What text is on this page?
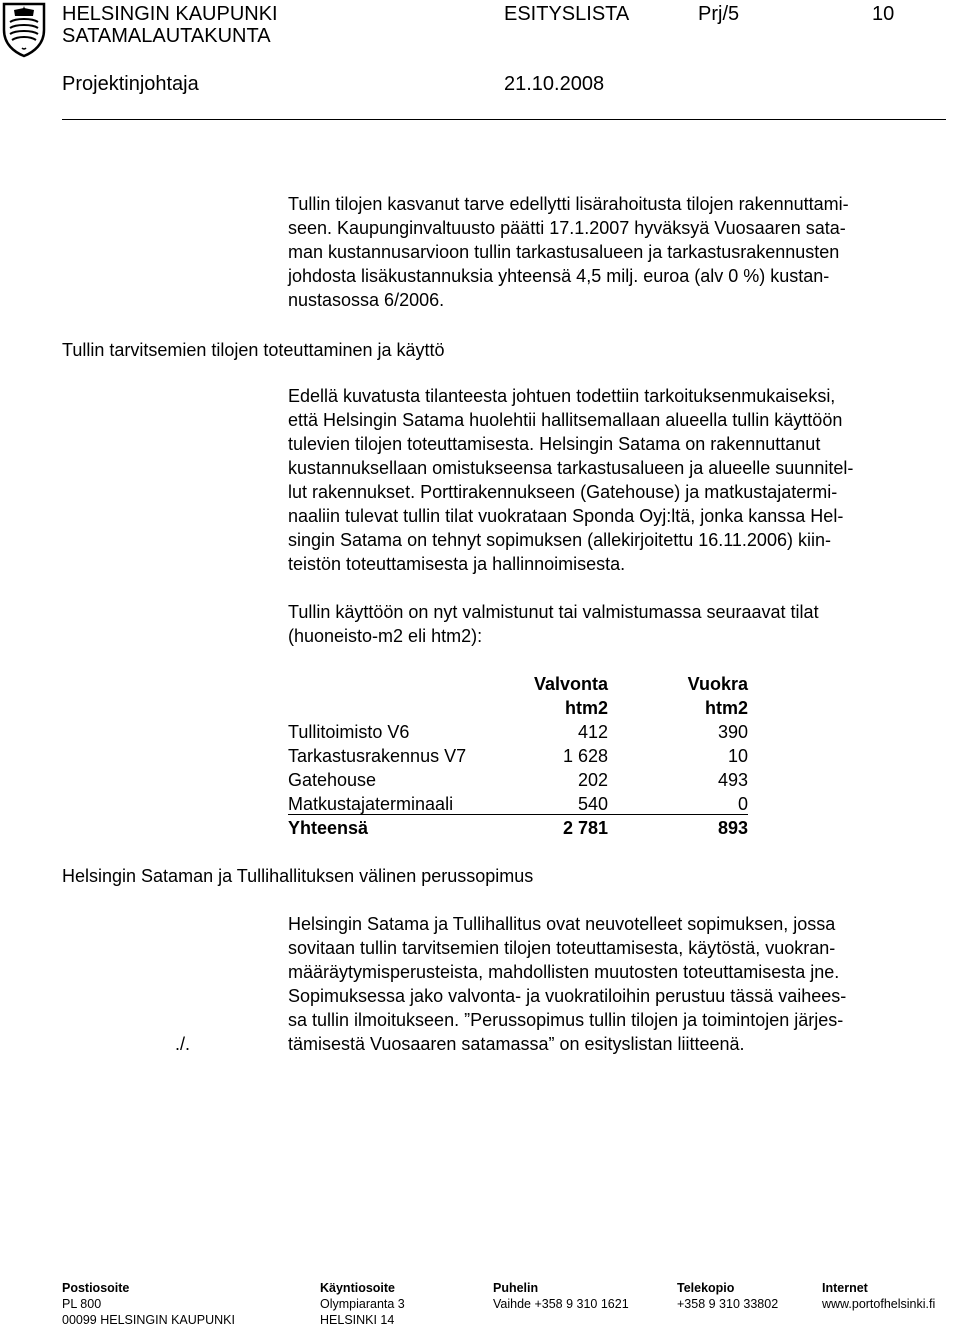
HELSINGIN KAUPUNKI
SATAMALAUTAKUNTA
ESITYSLISTA	Prj/5	10
Projektinjohtaja	21.10.2008
Tullin tilojen kasvanut tarve edellytti lisärahoitusta tilojen rakennuttami-
seen. Kaupunginvaltuusto päätti 17.1.2007 hyväksyä Vuosaaren sata-
man kustannusarvioon tullin tarkastusalueen ja tarkastusrakennusten
johdosta lisäkustannuksia yhteensä 4,5 milj. euroa (alv 0 %) kustan-
nustasossa 6/2006.
Tullin tarvitsemien tilojen toteuttaminen ja käyttö
Edellä kuvatusta tilanteesta johtuen todettiin tarkoituksenmukaiseksi,
että Helsingin Satama huolehtii hallitsemallaan alueella tullin käyttöön
tulevien tilojen toteuttamisesta. Helsingin Satama on rakennuttanut
kustannuksellaan omistukseensa tarkastusalueen ja alueelle suunnitel-
lut rakennukset. Porttirakennukseen (Gatehouse) ja matkustajatermi-
naaliin tulevat tullin tilat vuokrataan Sponda Oyj:ltä, jonka kanssa Hel-
singin Satama on tehnyt sopimuksen (allekirjoitettu 16.11.2006) kiin-
teistön toteuttamisesta ja hallinnoimisesta.
Tullin käyttöön on nyt valmistunut tai valmistumassa seuraavat tilat
(huoneisto-m2 eli htm2):
Valvonta	Vuokra
htm2	htm2
Tullitoimisto V6	412	390
Tarkastusrakennus V7	1 628	10
Gatehouse	202	493
Matkustajaterminaali	540	0
Yhteensä	2 781	893
Helsingin Sataman ja Tullihallituksen välinen perussopimus
Helsingin Satama ja Tullihallitus ovat neuvotelleet sopimuksen, jossa
sovitaan tullin tarvitsemien tilojen toteuttamisesta, käytöstä, vuokran-
määräytymisperusteista, mahdollisten muutosten toteuttamisesta jne.
Sopimuksessa jako valvonta- ja vuokratiloihin perustuu tässä vaihees-
sa tullin ilmoitukseen. ”Perussopimus tullin tilojen ja toimintojen järjes-
tämisestä Vuosaaren satamassa” on esityslistan liitteenä.
./.
Postiosoite
PL 800
00099 HELSINGIN KAUPUNKI
Käyntiosoite
Olympiaranta 3
HELSINKI 14
Puhelin
Vaihde +358 9 310 1621
Telekopio
+358 9 310 33802
Internet
www.portofhelsinki.fi
